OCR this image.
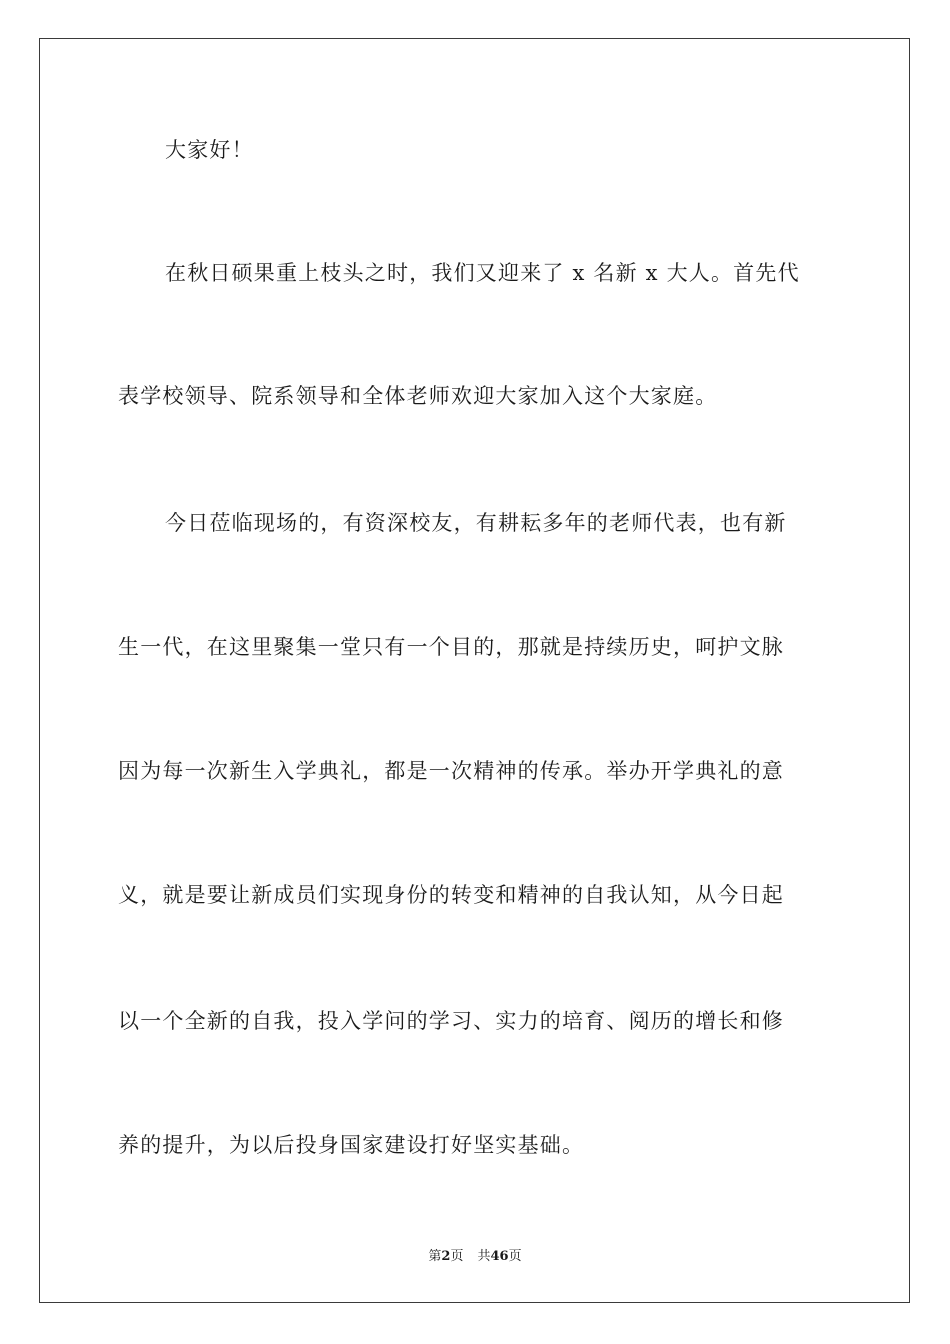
大家好！
在秋日硕果重上枝头之时，我们又迎来了 x 名新 x 大人。首先代
表学校领导、院系领导和全体老师欢迎大家加入这个大家庭。
今日莅临现场的，有资深校友，有耕耘多年的老师代表，也有新
生一代，在这里聚集一堂只有一个目的，那就是持续历史，呵护文脉
因为每一次新生入学典礼，都是一次精神的传承。举办开学典礼的意
义，就是要让新成员们实现身份的转变和精神的自我认知，从今日起
以一个全新的自我，投入学问的学习、实力的培育、阅历的增长和修
养的提升，为以后投身国家建设打好坚实基础。
第2页 共46页
